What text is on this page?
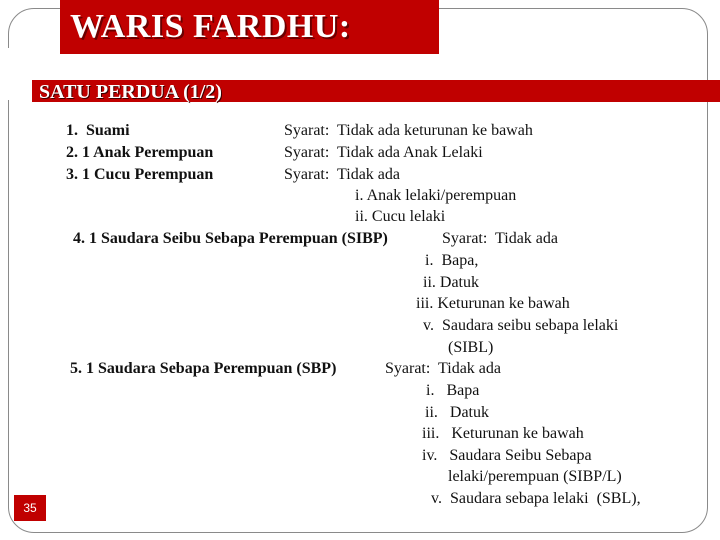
WARIS FARDHU:
SATU PERDUA (1/2)
1.  Suami	Syarat:  Tidak ada keturunan ke bawah
2. 1 Anak Perempuan	Syarat:  Tidak ada Anak Lelaki
3. 1 Cucu Perempuan	Syarat:  Tidak ada
i. Anak lelaki/perempuan
ii. Cucu lelaki
4. 1 Saudara Seibu Sebapa Perempuan (SIBP)	Syarat:  Tidak ada
i.  Bapa,
ii. Datuk
iii. Keturunan ke bawah
v.  Saudara seibu sebapa lelaki
(SIBL)
5. 1 Saudara Sebapa Perempuan (SBP)	Syarat:  Tidak ada
i.   Bapa
ii.   Datuk
iii.   Keturunan ke bawah
iv.   Saudara Seibu Sebapa
lelaki/perempuan (SIBP/L)
v.  Saudara sebapa lelaki  (SBL),
35
